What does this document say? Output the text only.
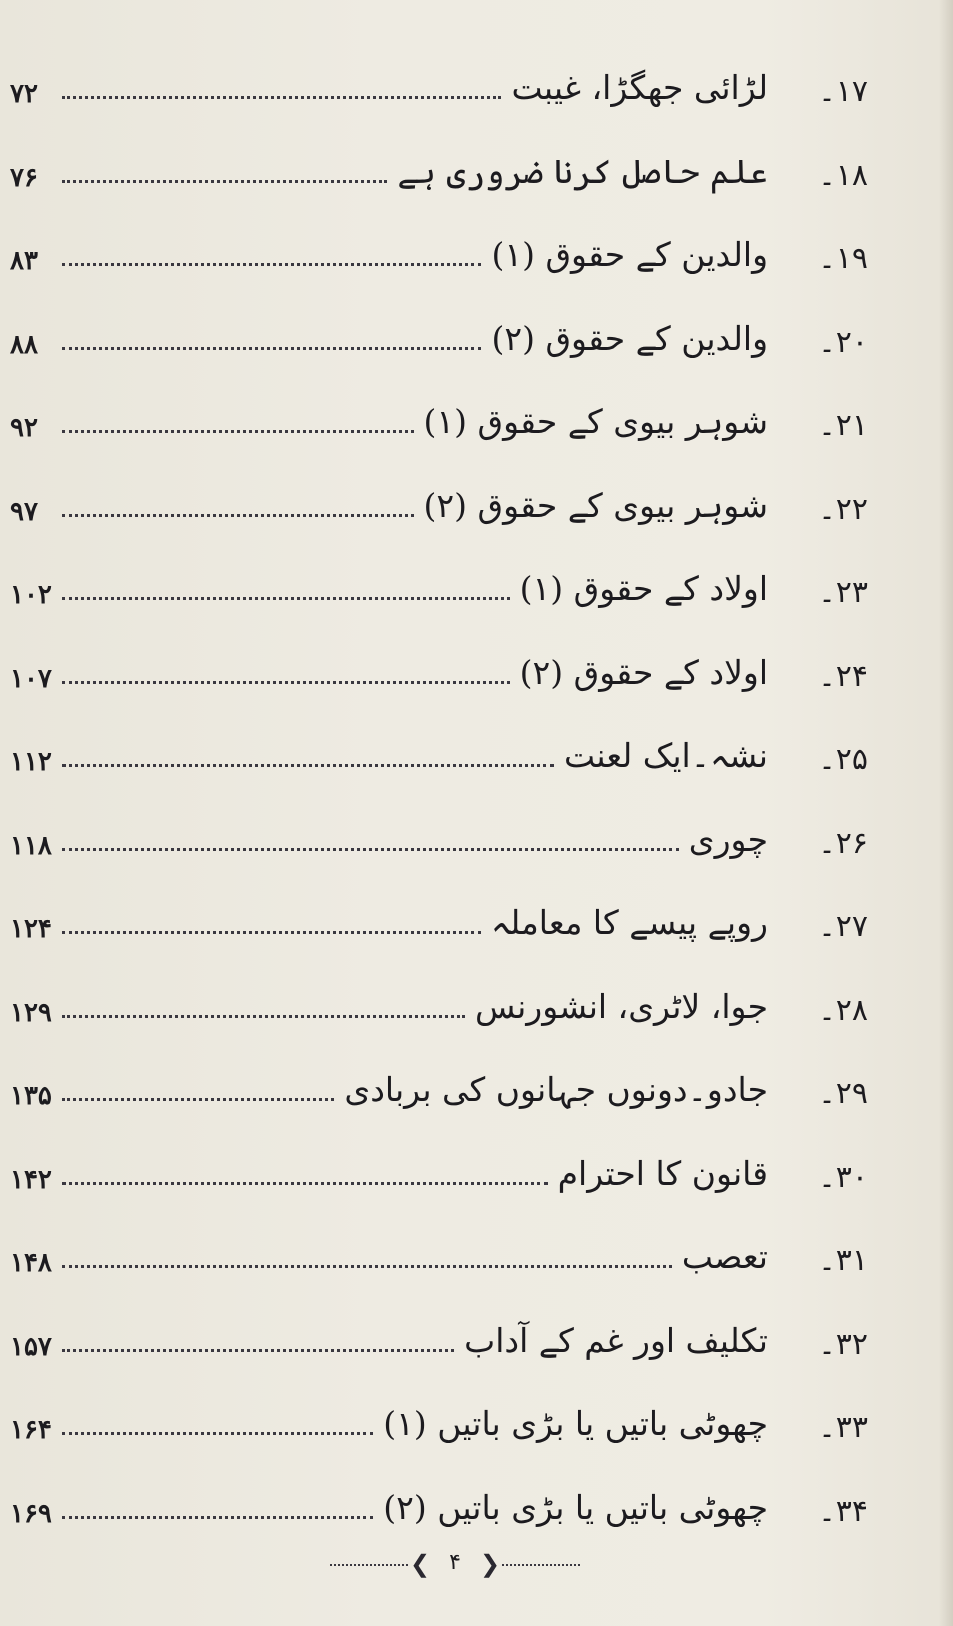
۱۷۔
لڑائی جھگڑا، غیبت
۷۲
۱۸۔
علم حاصل کرنا ضروری ہے
۷۶
۱۹۔
والدین کے حقوق (۱)
۸۳
۲۰۔
والدین کے حقوق (۲)
۸۸
۲۱۔
شوہر بیوی کے حقوق (۱)
۹۲
۲۲۔
شوہر بیوی کے حقوق (۲)
۹۷
۲۳۔
اولاد کے حقوق (۱)
۱۰۲
۲۴۔
اولاد کے حقوق (۲)
۱۰۷
۲۵۔
نشہ۔ایک لعنت
۱۱۲
۲۶۔
چوری
۱۱۸
۲۷۔
روپے پیسے کا معاملہ
۱۲۴
۲۸۔
جوا، لاٹری، انشورنس
۱۲۹
۲۹۔
جادو۔دونوں جہانوں کی بربادی
۱۳۵
۳۰۔
قانون کا احترام
۱۴۲
۳۱۔
تعصب
۱۴۸
۳۲۔
تکلیف اور غم کے آداب
۱۵۷
۳۳۔
چھوٹی باتیں یا بڑی باتیں (۱)
۱۶۴
۳۴۔
چھوٹی باتیں یا بڑی باتیں (۲)
۱۶۹
❮ ۴ ❯
